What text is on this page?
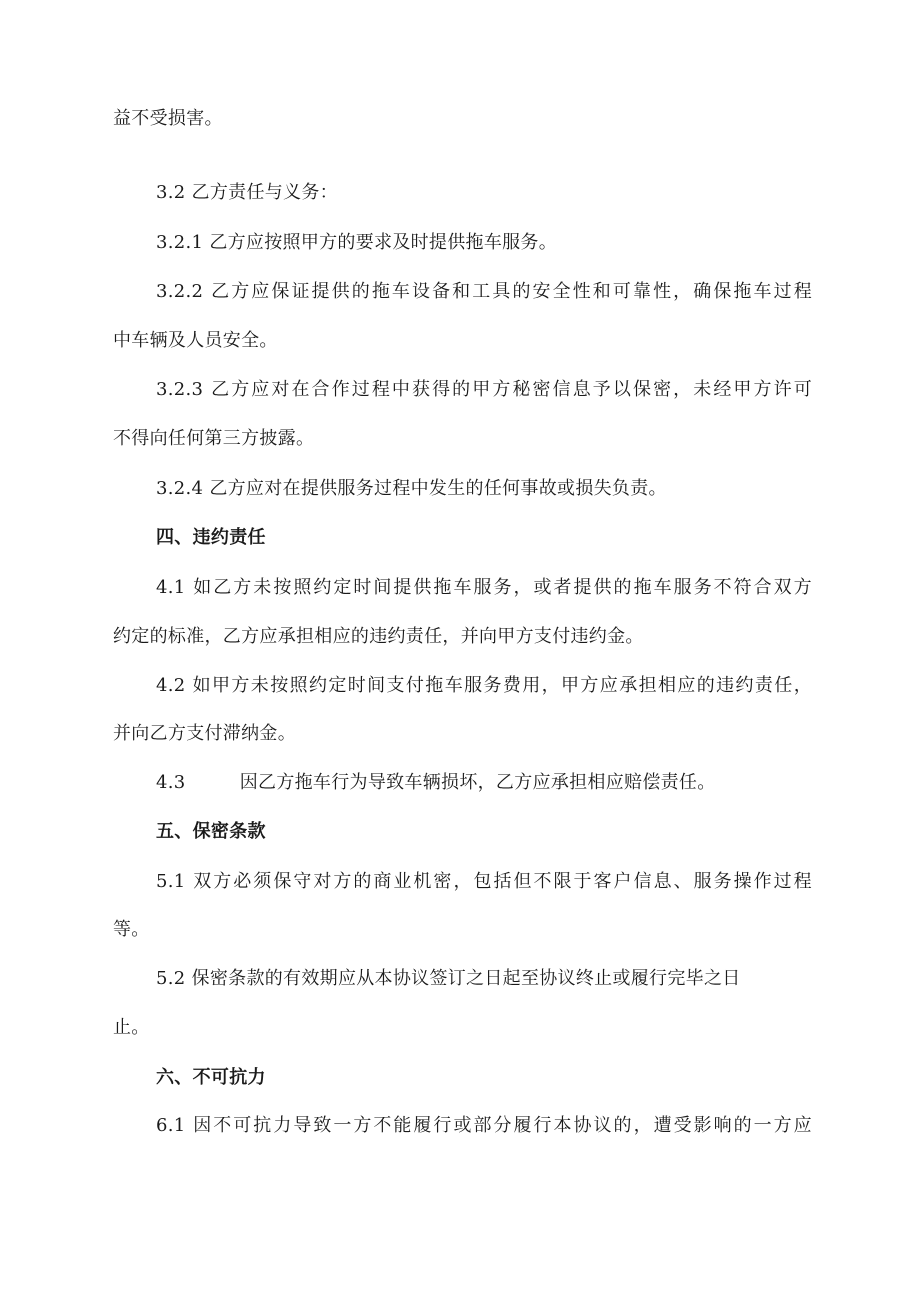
益不受损害。
3.2 乙方责任与义务：
3.2.1 乙方应按照甲方的要求及时提供拖车服务。
3.2.2 乙方应保证提供的拖车设备和工具的安全性和可靠性，确保拖车过程
中车辆及人员安全。
3.2.3 乙方应对在合作过程中获得的甲方秘密信息予以保密，未经甲方许可
不得向任何第三方披露。
3.2.4 乙方应对在提供服务过程中发生的任何事故或损失负责。
四、违约责任
4.1 如乙方未按照约定时间提供拖车服务，或者提供的拖车服务不符合双方
约定的标准，乙方应承担相应的违约责任，并向甲方支付违约金。
4.2 如甲方未按照约定时间支付拖车服务费用，甲方应承担相应的违约责任，
并向乙方支付滞纳金。
4.3         因乙方拖车行为导致车辆损坏，乙方应承担相应赔偿责任。
五、保密条款
5.1 双方必须保守对方的商业机密，包括但不限于客户信息、服务操作过程
等。
5.2 保密条款的有效期应从本协议签订之日起至协议终止或履行完毕之日
止。
六、不可抗力
6.1 因不可抗力导致一方不能履行或部分履行本协议的，遭受影响的一方应
